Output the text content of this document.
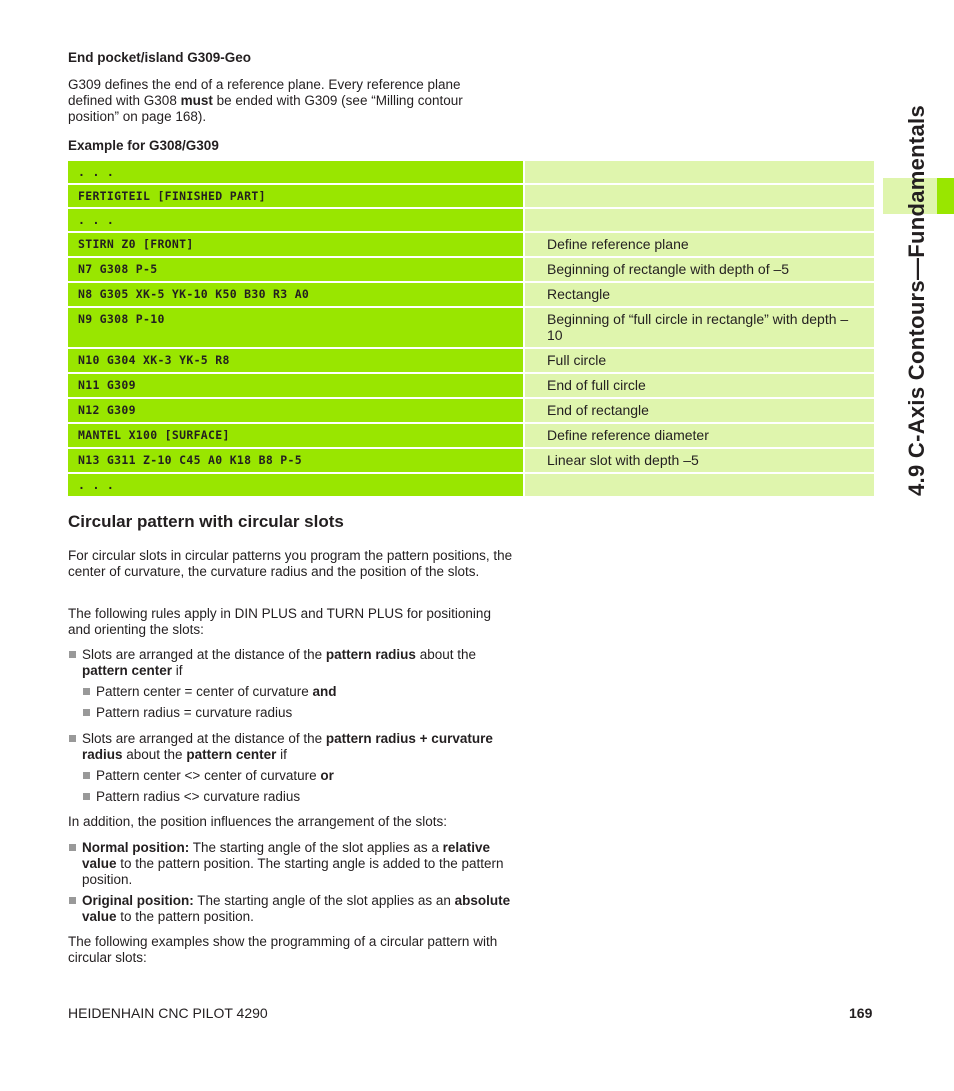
4.9 C-Axis Contours—Fundamentals
End pocket/island G309-Geo
G309 defines the end of a reference plane. Every reference plane
defined with G308 must be ended with G309 (see “Milling contour
position” on page 168).
Example for G308/G309
. . .		
FERTIGTEIL [FINISHED PART]		
. . .		
STIRN Z0 [FRONT]		Define reference plane
N7 G308 P-5		Beginning of rectangle with depth of –5
N8 G305 XK-5 YK-10 K50 B30 R3 A0		Rectangle
N9 G308 P-10		Beginning of “full circle in rectangle” with depth – 10
N10 G304 XK-3 YK-5 R8		Full circle
N11 G309		End of full circle
N12 G309		End of rectangle
MANTEL X100 [SURFACE]		Define reference diameter
N13 G311 Z-10 C45 A0 K18 B8 P-5		Linear slot with depth –5
. . .		
Circular pattern with circular slots
For circular slots in circular patterns you program the pattern positions, the center of curvature, the curvature radius and the position of the slots.
The following rules apply in DIN PLUS and TURN PLUS for positioning and orienting the slots:
Slots are arranged at the distance of the pattern radius about the
pattern center if
Pattern center = center of curvature and
Pattern radius = curvature radius
Slots are arranged at the distance of the pattern radius + curvature radius about the pattern center if
Pattern center <> center of curvature or
Pattern radius <> curvature radius
In addition, the position influences the arrangement of the slots:
Normal position: The starting angle of the slot applies as a relative value to the pattern position. The starting angle is added to the pattern position.
Original position: The starting angle of the slot applies as an absolute value to the pattern position.
The following examples show the programming of a circular pattern with circular slots:
HEIDENHAIN CNC PILOT 4290	169
